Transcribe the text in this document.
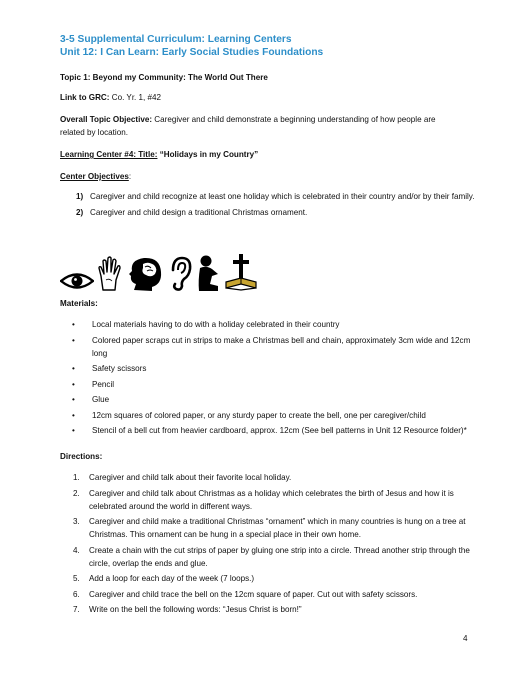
3-5 Supplemental Curriculum: Learning Centers
Unit 12: I Can Learn: Early Social Studies Foundations
Topic 1: Beyond my Community: The World Out There
Link to GRC: Co. Yr. 1, #42
Overall Topic Objective: Caregiver and child demonstrate a beginning understanding of how people are
related by location.
Learning Center #4: Title: “Holidays in my Country”
Center Objectives:
1) Caregiver and child recognize at least one holiday which is celebrated in their country and/or by their family.
2) Caregiver and child design a traditional Christmas ornament.
Materials:
• Local materials having to do with a holiday celebrated in their country
• Colored paper scraps cut in strips to make a Christmas bell and chain, approximately 3cm wide and 12cm long
• Safety scissors
• Pencil
• Glue
• 12cm squares of colored paper, or any sturdy paper to create the bell, one per caregiver/child
• Stencil of a bell cut from heavier cardboard, approx. 12cm (See bell patterns in Unit 12 Resource folder)*
Directions:
1. Caregiver and child talk about their favorite local holiday.
2. Caregiver and child talk about Christmas as a holiday which celebrates the birth of Jesus and how it is celebrated around the world in different ways.
3. Caregiver and child make a traditional Christmas “ornament” which in many countries is hung on a tree at Christmas. This ornament can be hung in a special place in their own home.
4. Create a chain with the cut strips of paper by gluing one strip into a circle. Thread another strip through the circle, overlap the ends and glue.
5. Add a loop for each day of the week (7 loops.)
6. Caregiver and child trace the bell on the 12cm square of paper. Cut out with safety scissors.
7. Write on the bell the following words: “Jesus Christ is born!”
4
